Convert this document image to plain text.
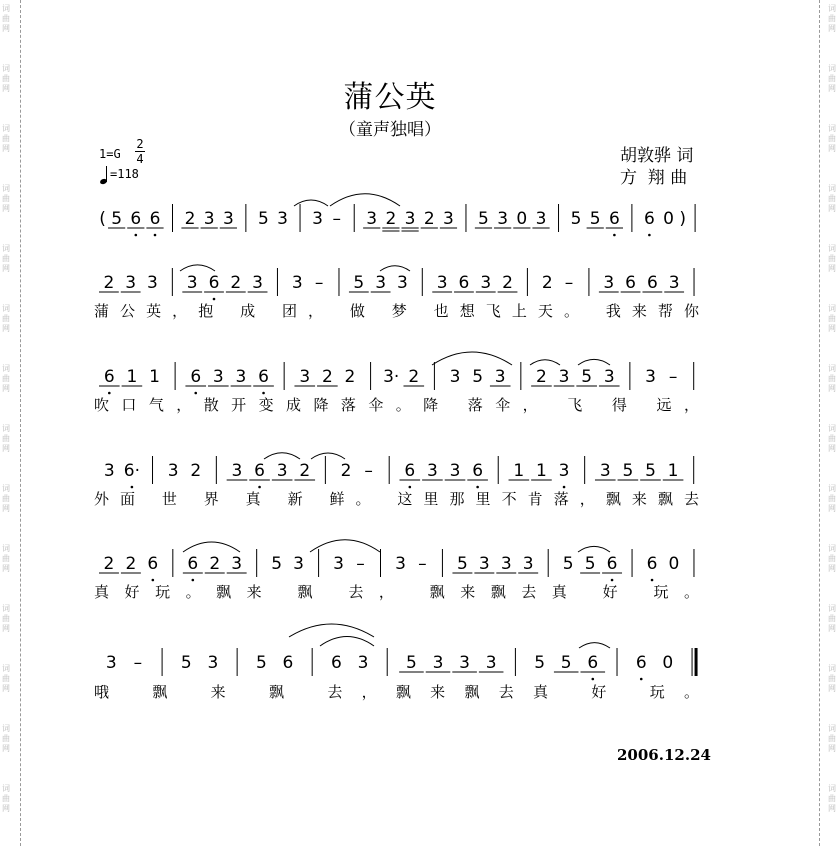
词
曲
网
词
曲
网
词
曲
网
词
曲
网
词
曲
网
词
曲
网
词
曲
网
词
曲
网
词
曲
网
词
曲
网
词
曲
网
词
曲
网
词
曲
网
词
曲
网
词
曲
网
词
曲
网
词
曲
网
词
曲
网
词
曲
网
词
曲
网
词
曲
网
词
曲
网
词
曲
网
词
曲
网
词
曲
网
词
曲
网
词
曲
网
词
曲
网
蒲公英
（童声独唱）
1=G
2
4
=118
胡敦骅 词
方  翔 曲
( 5 6 6 2 3 3 5 3 3 – 3 2 3 2 3 5 3 0 3 5 5 6 6 0 )
2 3 3 3 6 2 3 3 – 5 3 3 3 6 3 2 2 – 3 6 6 3
蒲公英，抱 成 团， 做 梦 也想飞上天。 我来帮你
6 1 1 6 3 3 6 3 2 2 3· 2 3 5 3 2 3 5 3 3 –
吹口气，散开变成降落伞。降 落伞， 飞 得 远，
3 6· 3 2 3 6 3 2 2 – 6 3 3 6 1 1 3 3 5 5 1
外面 世 界 真 新 鲜。 这里那里不肯落，飘来飘去
2 2 6 6 2 3 5 3 3 – 3 – 5 3 3 3 5 5 6 6 0
真好玩。飘来 飘 去， 飘来飘去真 好 玩。
3 – 5 3 5 6 6 3 5 3 3 3 5 5 6 6 0
哦 飘 来 飘 去，飘来飘去真 好 玩。
2006.12.24
